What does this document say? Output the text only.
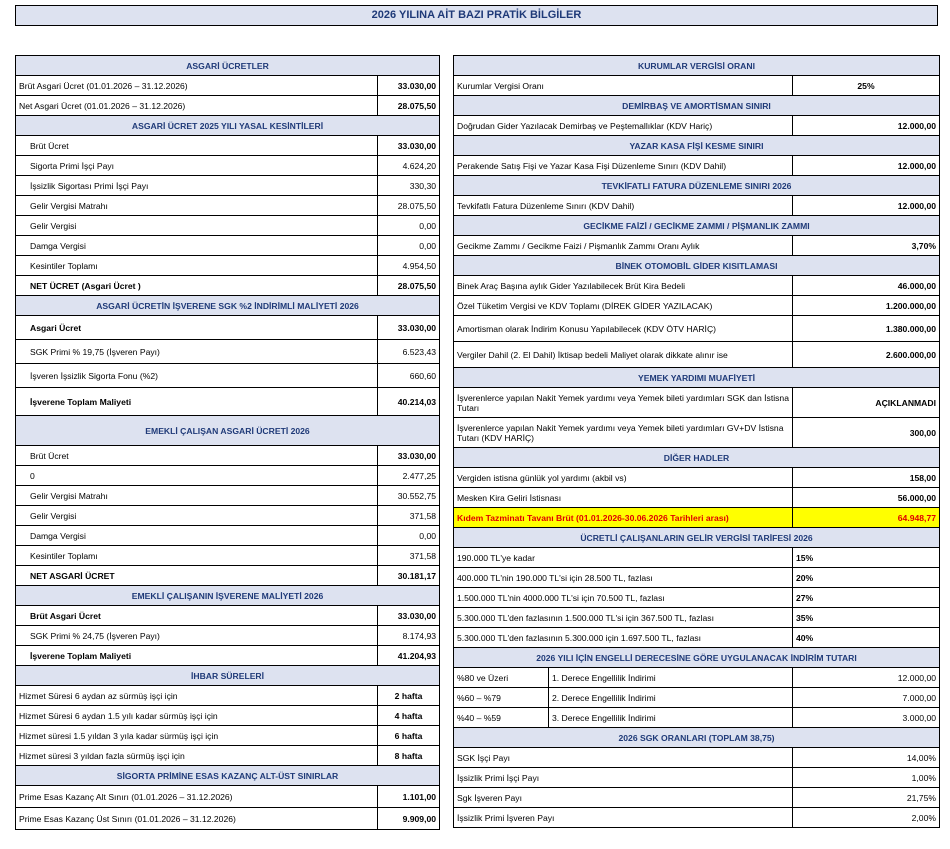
2026 YILINA AİT BAZI PRATİK BİLGİLER
ASGARİ ÜCRETLER	
Brüt Asgari Ücret (01.01.2026 – 31.12.2026)	33.030,00
Net Asgari Ücret (01.01.2026 – 31.12.2026)	28.075,50
ASGARİ ÜCRET 2025 YILI YASAL KESİNTİLERİ	
Brüt Ücret	33.030,00
Sigorta Primi İşçi Payı	4.624,20
İşsizlik Sigortası Primi İşçi Payı	330,30
Gelir Vergisi Matrahı	28.075,50
Gelir Vergisi	0,00
Damga Vergisi	0,00
Kesintiler Toplamı	4.954,50
NET ÜCRET (Asgari Ücret )	28.075,50
ASGARİ ÜCRETİN İŞVERENE SGK %2 İNDİRİMLİ MALİYETİ 2026	
Asgari Ücret	33.030,00
SGK Primi % 19,75 (İşveren Payı)	6.523,43
İşveren İşsizlik Sigorta Fonu (%2)	660,60
İşverene Toplam Maliyeti	40.214,03
EMEKLİ ÇALIŞAN ASGARİ ÜCRETİ 2026	
Brüt Ücret	33.030,00
0	2.477,25
Gelir Vergisi Matrahı	30.552,75
Gelir Vergisi	371,58
Damga Vergisi	0,00
Kesintiler Toplamı	371,58
NET ASGARİ ÜCRET	30.181,17
EMEKLİ ÇALIŞANIN İŞVERENE MALİYETİ 2026	
Brüt Asgari Ücret	33.030,00
SGK Primi % 24,75 (İşveren Payı)	8.174,93
İşverene Toplam Maliyeti	41.204,93
İHBAR SÜRELERİ	
Hizmet Süresi 6 aydan az sürmüş işçi için	2 hafta
Hizmet Süresi 6 aydan 1.5 yılı kadar sürmüş işçi için	4 hafta
Hizmet süresi 1.5 yıldan 3 yıla kadar sürmüş işçi için	6 hafta
Hizmet süresi 3 yıldan fazla sürmüş işçi için	8 hafta
SİGORTA PRİMİNE ESAS KAZANÇ ALT-ÜST SINIRLAR	
Prime Esas Kazanç Alt Sınırı (01.01.2026 – 31.12.2026)	1.101,00
Prime Esas Kazanç Üst Sınırı (01.01.2026 – 31.12.2026)	9.909,00
KURUMLAR VERGİSİ ORANI		
Kurumlar Vergisi Oranı		25%
DEMİRBAŞ VE AMORTİSMAN SINIRI		
Doğrudan Gider Yazılacak Demirbaş ve Peştemallıklar (KDV Hariç)		12.000,00
YAZAR KASA FİŞİ KESME SINIRI		
Perakende Satış Fişi ve Yazar Kasa Fişi Düzenleme Sınırı (KDV Dahil)		12.000,00
TEVKİFATLI FATURA DÜZENLEME SINIRI 2026		
Tevkifatlı Fatura Düzenleme Sınırı (KDV Dahil)		12.000,00
GECİKME FAİZİ / GECİKME ZAMMI / PİŞMANLIK ZAMMI		
Gecikme Zammı / Gecikme Faizi / Pişmanlık Zammı Oranı Aylık		3,70%
BİNEK OTOMOBİL GİDER KISITLAMASI		
Binek Araç Başına aylık Gider Yazılabilecek Brüt Kira Bedeli		46.000,00
Özel Tüketim Vergisi ve KDV Toplamı (DİREK GİDER YAZILACAK)		1.200.000,00
Amortisman olarak İndirim Konusu Yapılabilecek (KDV ÖTV HARİÇ)		1.380.000,00
Vergiler Dahil (2. El Dahil) İktisap bedeli Maliyet olarak dikkate alınır ise		2.600.000,00
YEMEK YARDIMI MUAFİYETİ		
İşverenlerce yapılan Nakit Yemek yardımı veya Yemek bileti yardımları SGK dan İstisna Tutarı		AÇIKLANMADI
İşverenlerce yapılan Nakit Yemek yardımı veya Yemek bileti yardımları GV+DV İstisna Tutarı (KDV HARİÇ)		300,00
DİĞER HADLER		
Vergiden istisna günlük yol yardımı (akbil vs)		158,00
Mesken Kira Geliri İstisnası		56.000,00
Kıdem Tazminatı Tavanı Brüt (01.01.2026-30.06.2026 Tarihleri arası)		64.948,77
ÜCRETLİ ÇALIŞANLARIN GELİR VERGİSİ TARİFESİ 2026		
190.000 TL'ye kadar		15%
400.000 TL'nin 190.000 TL'si için 28.500 TL, fazlası		20%
1.500.000 TL'nin 4000.000 TL'si için 70.500 TL, fazlası		27%
5.300.000 TL'den fazlasının 1.500.000 TL'si için 367.500 TL, fazlası		35%
5.300.000 TL'den fazlasının 5.300.000 için 1.697.500 TL, fazlası		40%
2026 YILI İÇİN ENGELLİ DERECESİNE GÖRE UYGULANACAK İNDİRİM TUTARI		
%80 ve Üzeri	1. Derece Engellilik İndirimi	12.000,00
%60 – %79	2. Derece Engellilik İndirimi	7.000,00
%40 – %59	3. Derece Engellilik İndirimi	3.000,00
2026 SGK ORANLARI (TOPLAM 38,75)		
SGK İşçi Payı		14,00%
İşsizlik Primi İşçi Payı		1,00%
Sgk İşveren Payı		21,75%
İşsizlik Primi İşveren Payı		2,00%
